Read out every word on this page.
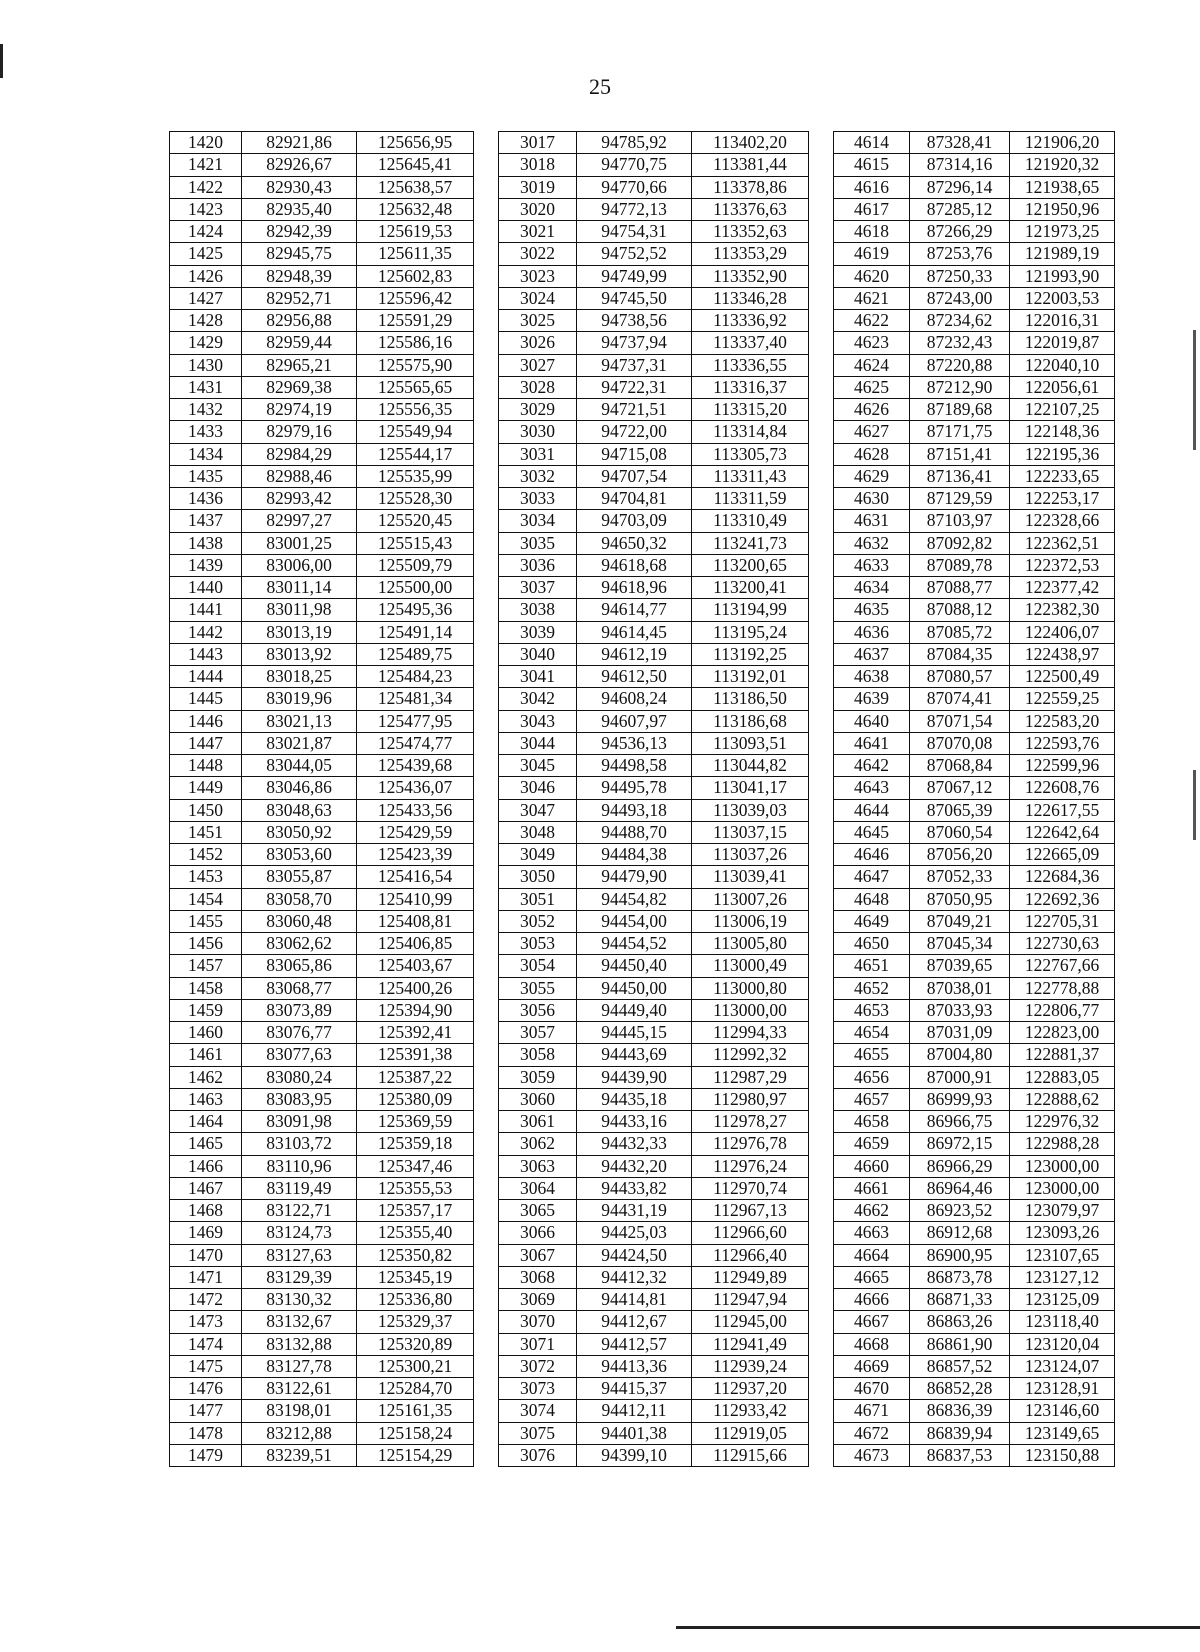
25
1420	82921,86	125656,95		3017	94785,92	113402,20		4614	87328,41	121906,20
1421	82926,67	125645,41		3018	94770,75	113381,44		4615	87314,16	121920,32
1422	82930,43	125638,57		3019	94770,66	113378,86		4616	87296,14	121938,65
1423	82935,40	125632,48		3020	94772,13	113376,63		4617	87285,12	121950,96
1424	82942,39	125619,53		3021	94754,31	113352,63		4618	87266,29	121973,25
1425	82945,75	125611,35		3022	94752,52	113353,29		4619	87253,76	121989,19
1426	82948,39	125602,83		3023	94749,99	113352,90		4620	87250,33	121993,90
1427	82952,71	125596,42		3024	94745,50	113346,28		4621	87243,00	122003,53
1428	82956,88	125591,29		3025	94738,56	113336,92		4622	87234,62	122016,31
1429	82959,44	125586,16		3026	94737,94	113337,40		4623	87232,43	122019,87
1430	82965,21	125575,90		3027	94737,31	113336,55		4624	87220,88	122040,10
1431	82969,38	125565,65		3028	94722,31	113316,37		4625	87212,90	122056,61
1432	82974,19	125556,35		3029	94721,51	113315,20		4626	87189,68	122107,25
1433	82979,16	125549,94		3030	94722,00	113314,84		4627	87171,75	122148,36
1434	82984,29	125544,17		3031	94715,08	113305,73		4628	87151,41	122195,36
1435	82988,46	125535,99		3032	94707,54	113311,43		4629	87136,41	122233,65
1436	82993,42	125528,30		3033	94704,81	113311,59		4630	87129,59	122253,17
1437	82997,27	125520,45		3034	94703,09	113310,49		4631	87103,97	122328,66
1438	83001,25	125515,43		3035	94650,32	113241,73		4632	87092,82	122362,51
1439	83006,00	125509,79		3036	94618,68	113200,65		4633	87089,78	122372,53
1440	83011,14	125500,00		3037	94618,96	113200,41		4634	87088,77	122377,42
1441	83011,98	125495,36		3038	94614,77	113194,99		4635	87088,12	122382,30
1442	83013,19	125491,14		3039	94614,45	113195,24		4636	87085,72	122406,07
1443	83013,92	125489,75		3040	94612,19	113192,25		4637	87084,35	122438,97
1444	83018,25	125484,23		3041	94612,50	113192,01		4638	87080,57	122500,49
1445	83019,96	125481,34		3042	94608,24	113186,50		4639	87074,41	122559,25
1446	83021,13	125477,95		3043	94607,97	113186,68		4640	87071,54	122583,20
1447	83021,87	125474,77		3044	94536,13	113093,51		4641	87070,08	122593,76
1448	83044,05	125439,68		3045	94498,58	113044,82		4642	87068,84	122599,96
1449	83046,86	125436,07		3046	94495,78	113041,17		4643	87067,12	122608,76
1450	83048,63	125433,56		3047	94493,18	113039,03		4644	87065,39	122617,55
1451	83050,92	125429,59		3048	94488,70	113037,15		4645	87060,54	122642,64
1452	83053,60	125423,39		3049	94484,38	113037,26		4646	87056,20	122665,09
1453	83055,87	125416,54		3050	94479,90	113039,41		4647	87052,33	122684,36
1454	83058,70	125410,99		3051	94454,82	113007,26		4648	87050,95	122692,36
1455	83060,48	125408,81		3052	94454,00	113006,19		4649	87049,21	122705,31
1456	83062,62	125406,85		3053	94454,52	113005,80		4650	87045,34	122730,63
1457	83065,86	125403,67		3054	94450,40	113000,49		4651	87039,65	122767,66
1458	83068,77	125400,26		3055	94450,00	113000,80		4652	87038,01	122778,88
1459	83073,89	125394,90		3056	94449,40	113000,00		4653	87033,93	122806,77
1460	83076,77	125392,41		3057	94445,15	112994,33		4654	87031,09	122823,00
1461	83077,63	125391,38		3058	94443,69	112992,32		4655	87004,80	122881,37
1462	83080,24	125387,22		3059	94439,90	112987,29		4656	87000,91	122883,05
1463	83083,95	125380,09		3060	94435,18	112980,97		4657	86999,93	122888,62
1464	83091,98	125369,59		3061	94433,16	112978,27		4658	86966,75	122976,32
1465	83103,72	125359,18		3062	94432,33	112976,78		4659	86972,15	122988,28
1466	83110,96	125347,46		3063	94432,20	112976,24		4660	86966,29	123000,00
1467	83119,49	125355,53		3064	94433,82	112970,74		4661	86964,46	123000,00
1468	83122,71	125357,17		3065	94431,19	112967,13		4662	86923,52	123079,97
1469	83124,73	125355,40		3066	94425,03	112966,60		4663	86912,68	123093,26
1470	83127,63	125350,82		3067	94424,50	112966,40		4664	86900,95	123107,65
1471	83129,39	125345,19		3068	94412,32	112949,89		4665	86873,78	123127,12
1472	83130,32	125336,80		3069	94414,81	112947,94		4666	86871,33	123125,09
1473	83132,67	125329,37		3070	94412,67	112945,00		4667	86863,26	123118,40
1474	83132,88	125320,89		3071	94412,57	112941,49		4668	86861,90	123120,04
1475	83127,78	125300,21		3072	94413,36	112939,24		4669	86857,52	123124,07
1476	83122,61	125284,70		3073	94415,37	112937,20		4670	86852,28	123128,91
1477	83198,01	125161,35		3074	94412,11	112933,42		4671	86836,39	123146,60
1478	83212,88	125158,24		3075	94401,38	112919,05		4672	86839,94	123149,65
1479	83239,51	125154,29		3076	94399,10	112915,66		4673	86837,53	123150,88
